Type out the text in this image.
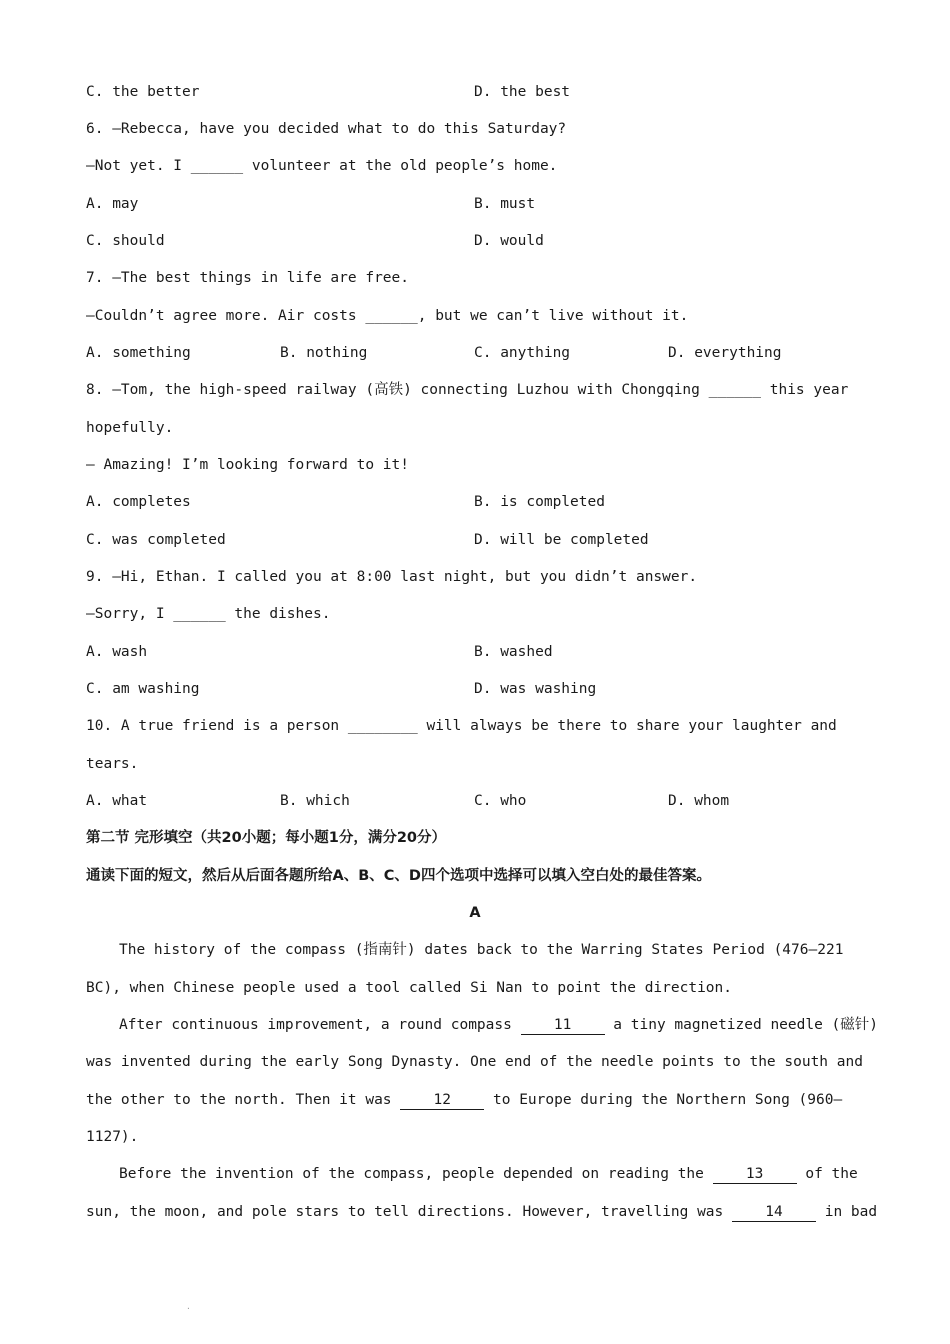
C. the better	D. the best
6. —Rebecca, have you decided what to do this Saturday?
—Not yet. I ______ volunteer at the old people’s home.
A. may	B. must
C. should	D. would
7. —The best things in life are free.
—Couldn’t agree more. Air costs ______, but we can’t live without it.
A. something	B. nothing	C. anything	D. everything
8. —Tom, the high-speed railway (高铁) connecting Luzhou with Chongqing ______ this year
hopefully.
— Amazing! I’m looking forward to it!
A. completes	B. is completed
C. was completed	D. will be completed
9. —Hi, Ethan. I called you at 8:00 last night, but you didn’t answer.
—Sorry, I ______ the dishes.
A. wash	B. washed
C. am washing	D. was washing
10. A true friend is a person ________ will always be there to share your laughter and
tears.
A. what	B. which	C. who	D. whom
第二节 完形填空（共20小题；每小题1分，满分20分）
通读下面的短文，然后从后面各题所给A、B、C、D四个选项中选择可以填入空白处的最佳答案。
A
The history of the compass (指南针) dates back to the Warring States Period (476—221
BC), when Chinese people used a tool called Si Nan to point the direction.
After continuous improvement, a round compass 11 a tiny magnetized needle (磁针)
was invented during the early Song Dynasty. One end of the needle points to the south and
the other to the north. Then it was 12 to Europe during the Northern Song (960—
1127).
Before the invention of the compass, people depended on reading the 13 of the
sun, the moon, and pole stars to tell directions. However, travelling was 14 in bad
·
